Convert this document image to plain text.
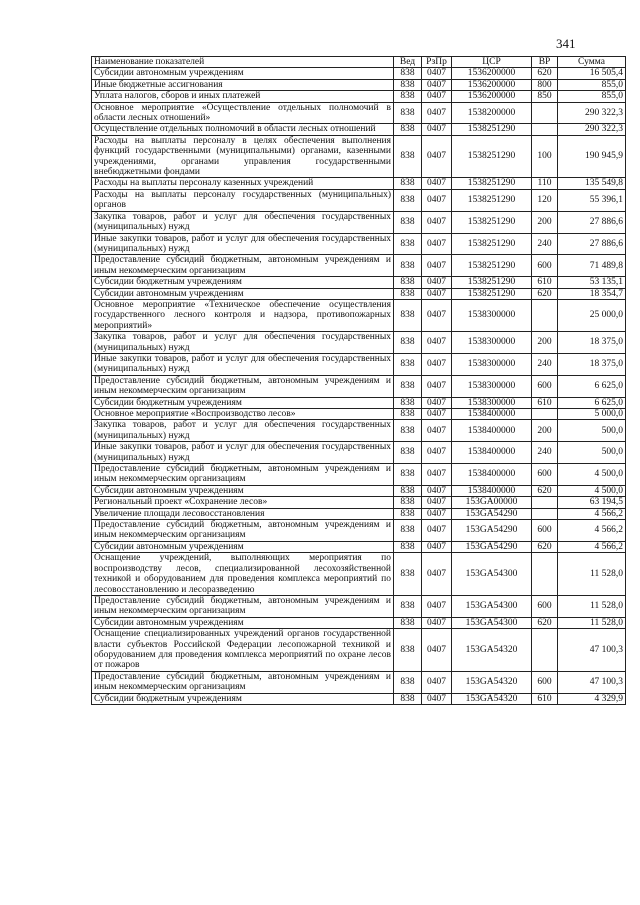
341
Наименование показателей	Вед	РзПр	ЦСР	ВР	Сумма
Субсидии автономным учреждениям	838	0407	1536200000	620	16 505,4
Иные бюджетные ассигнования	838	0407	1536200000	800	855,0
Уплата налогов, сборов и иных платежей	838	0407	1536200000	850	855,0
Основное мероприятие «Осуществление отдельных полномочий в области лесных отношений»	838	0407	1538200000		290 322,3
Осуществление отдельных полномочий в области лесных отношений	838	0407	1538251290		290 322,3
Расходы на выплаты персоналу в целях обеспечения выполнения функций государственными (муниципальными) органами, казенными учреждениями, органами управления государственными внебюджетными фондами	838	0407	1538251290	100	190 945,9
Расходы на выплаты персоналу казенных учреждений	838	0407	1538251290	110	135 549,8
Расходы на выплаты персоналу государственных (муниципальных) органов	838	0407	1538251290	120	55 396,1
Закупка товаров, работ и услуг для обеспечения государственных (муниципальных) нужд	838	0407	1538251290	200	27 886,6
Иные закупки товаров, работ и услуг для обеспечения государственных (муниципальных) нужд	838	0407	1538251290	240	27 886,6
Предоставление субсидий бюджетным, автономным учреждениям и иным некоммерческим организациям	838	0407	1538251290	600	71 489,8
Субсидии бюджетным учреждениям	838	0407	1538251290	610	53 135,1
Субсидии автономным учреждениям	838	0407	1538251290	620	18 354,7
Основное мероприятие «Техническое обеспечение осуществления государственного лесного контроля и надзора, противопожарных мероприятий»	838	0407	1538300000		25 000,0
Закупка товаров, работ и услуг для обеспечения государственных (муниципальных) нужд	838	0407	1538300000	200	18 375,0
Иные закупки товаров, работ и услуг для обеспечения государственных (муниципальных) нужд	838	0407	1538300000	240	18 375,0
Предоставление субсидий бюджетным, автономным учреждениям и иным некоммерческим организациям	838	0407	1538300000	600	6 625,0
Субсидии бюджетным учреждениям	838	0407	1538300000	610	6 625,0
Основное мероприятие «Воспроизводство лесов»	838	0407	1538400000		5 000,0
Закупка товаров, работ и услуг для обеспечения государственных (муниципальных) нужд	838	0407	1538400000	200	500,0
Иные закупки товаров, работ и услуг для обеспечения государственных (муниципальных) нужд	838	0407	1538400000	240	500,0
Предоставление субсидий бюджетным, автономным учреждениям и иным некоммерческим организациям	838	0407	1538400000	600	4 500,0
Субсидии автономным учреждениям	838	0407	1538400000	620	4 500,0
Региональный проект «Сохранение лесов»	838	0407	153GA00000		63 194,5
Увеличение площади лесовосстановления	838	0407	153GA54290		4 566,2
Предоставление субсидий бюджетным, автономным учреждениям и иным некоммерческим организациям	838	0407	153GA54290	600	4 566,2
Субсидии автономным учреждениям	838	0407	153GA54290	620	4 566,2
Оснащение учреждений, выполняющих мероприятия по воспроизводству лесов, специализированной лесохозяйственной техникой и оборудованием для проведения комплекса мероприятий по лесовосстановлению и лесоразведению	838	0407	153GA54300		11 528,0
Предоставление субсидий бюджетным, автономным учреждениям и иным некоммерческим организациям	838	0407	153GA54300	600	11 528,0
Субсидии автономным учреждениям	838	0407	153GA54300	620	11 528,0
Оснащение специализированных учреждений органов государственной власти субъектов Российской Федерации лесопожарной техникой и оборудованием для проведения комплекса мероприятий по охране лесов от пожаров	838	0407	153GA54320		47 100,3
Предоставление субсидий бюджетным, автономным учреждениям и иным некоммерческим организациям	838	0407	153GA54320	600	47 100,3
Субсидии бюджетным учреждениям	838	0407	153GA54320	610	4 329,9
